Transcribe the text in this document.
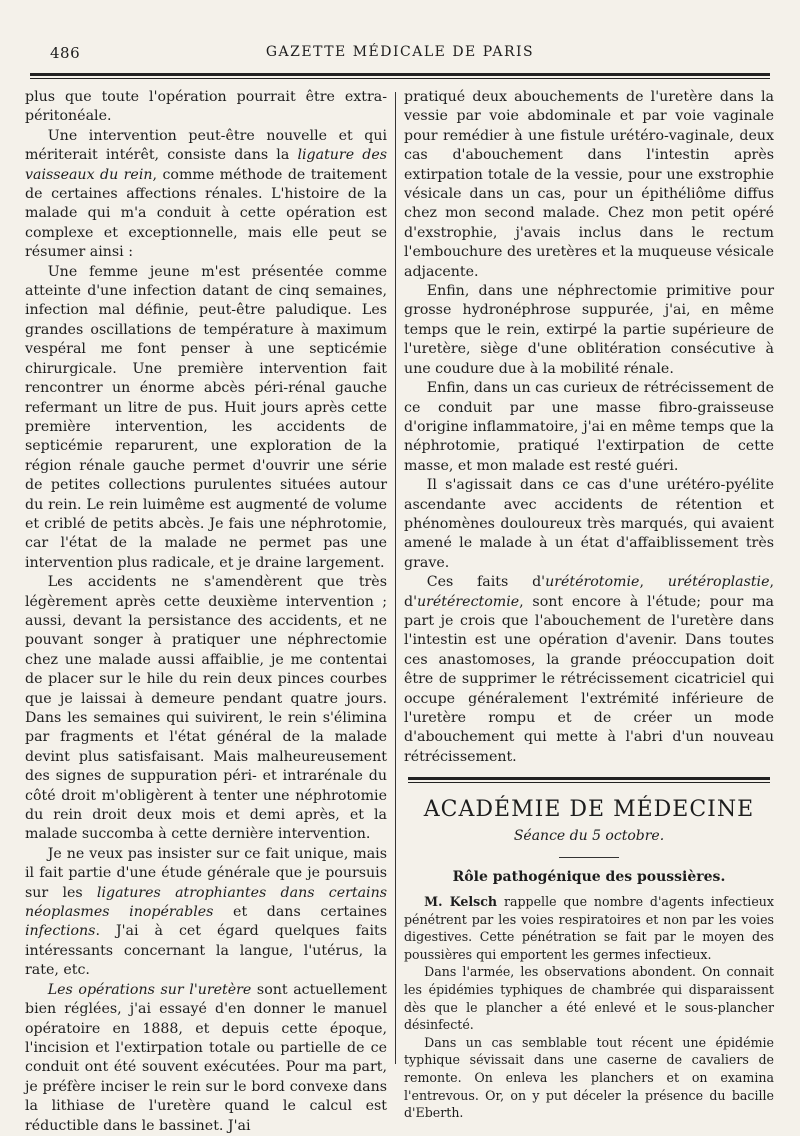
486	GAZETTE MÉDICALE DE PARIS

plus que toute l'opération pourrait être extra-péritonéale.

Une intervention peut-être nouvelle et qui mériterait intérêt, consiste dans la ligature des vaisseaux du rein, comme méthode de traitement de certaines affections rénales. L'histoire de la malade qui m'a conduit à cette opération est complexe et exceptionnelle, mais elle peut se résumer ainsi :

Une femme jeune m'est présentée comme atteinte d'une infection datant de cinq semaines, infection mal définie, peut-être paludique. Les grandes oscillations de température à maximum vespéral me font penser à une septicémie chirurgicale. Une première intervention fait rencontrer un énorme abcès péri-rénal gauche refermant un litre de pus. Huit jours après cette première intervention, les accidents de septicémie reparurent, une exploration de la région rénale gauche permet d'ouvrir une série de petites collections purulentes situées autour du rein. Le rein luimême est augmenté de volume et criblé de petits abcès. Je fais une néphrotomie, car l'état de la malade ne permet pas une intervention plus radicale, et je draine largement.

Les accidents ne s'amendèrent que très légèrement après cette deuxième intervention ; aussi, devant la persistance des accidents, et ne pouvant songer à pratiquer une néphrectomie chez une malade aussi affaiblie, je me contentai de placer sur le hile du rein deux pinces courbes que je laissai à demeure pendant quatre jours. Dans les semaines qui suivirent, le rein s'élimina par fragments et l'état général de la malade devint plus satisfaisant. Mais malheureusement des signes de suppuration péri- et intrarénale du côté droit m'obligèrent à tenter une néphrotomie du rein droit deux mois et demi après, et la malade succomba à cette dernière intervention.

Je ne veux pas insister sur ce fait unique, mais il fait partie d'une étude générale que je poursuis sur les ligatures atrophiantes dans certains néoplasmes inopérables et dans certaines infections. J'ai à cet égard quelques faits intéressants concernant la langue, l'utérus, la rate, etc.

Les opérations sur l'uretère sont actuellement bien réglées, j'ai essayé d'en donner le manuel opératoire en 1888, et depuis cette époque, l'incision et l'extirpation totale ou partielle de ce conduit ont été souvent exécutées. Pour ma part, je préfère inciser le rein sur le bord convexe dans la lithiase de l'uretère quand le calcul est réductible dans le bassinet. J'ai

pratiqué deux abouchements de l'uretère dans la vessie par voie abdominale et par voie vaginale pour remédier à une fistule urétéro-vaginale, deux cas d'abouchement dans l'intestin après extirpation totale de la vessie, pour une exstrophie vésicale dans un cas, pour un épithéliôme diffus chez mon second malade. Chez mon petit opéré d'exstrophie, j'avais inclus dans le rectum l'embouchure des uretères et la muqueuse vésicale adjacente.

Enfin, dans une néphrectomie primitive pour grosse hydronéphrose suppurée, j'ai, en même temps que le rein, extirpé la partie supérieure de l'uretère, siège d'une oblitération consécutive à une coudure due à la mobilité rénale.

Enfin, dans un cas curieux de rétrécissement de ce conduit par une masse fibro-graisseuse d'origine inflammatoire, j'ai en même temps que la néphrotomie, pratiqué l'extirpation de cette masse, et mon malade est resté guéri.

Il s'agissait dans ce cas d'une urétéro-pyélite ascendante avec accidents de rétention et phénomènes douloureux très marqués, qui avaient amené le malade à un état d'affaiblissement très grave.

Ces faits d'urétérotomie, urétéroplastie, d'urétérectomie, sont encore à l'étude; pour ma part je crois que l'abouchement de l'uretère dans l'intestin est une opération d'avenir. Dans toutes ces anastomoses, la grande préoccupation doit être de supprimer le rétrécissement cicatriciel qui occupe généralement l'extrémité inférieure de l'uretère rompu et de créer un mode d'abouchement qui mette à l'abri d'un nouveau rétrécissement.

ACADÉMIE DE MÉDECINE
Séance du 5 octobre.
Rôle pathogénique des poussières.

M. Kelsch rappelle que nombre d'agents infectieux pénétrent par les voies respiratoires et non par les voies digestives. Cette pénétration se fait par le moyen des poussières qui emportent les germes infectieux.

Dans l'armée, les observations abondent. On connait les épidémies typhiques de chambrée qui disparaissent dès que le plancher a été enlevé et le sous-plancher désinfecté.

Dans un cas semblable tout récent une épidémie typhique sévissait dans une caserne de cavaliers de remonte. On enleva les planchers et on examina l'entrevous. Or, on y put déceler la présence du bacille d'Eberth.
